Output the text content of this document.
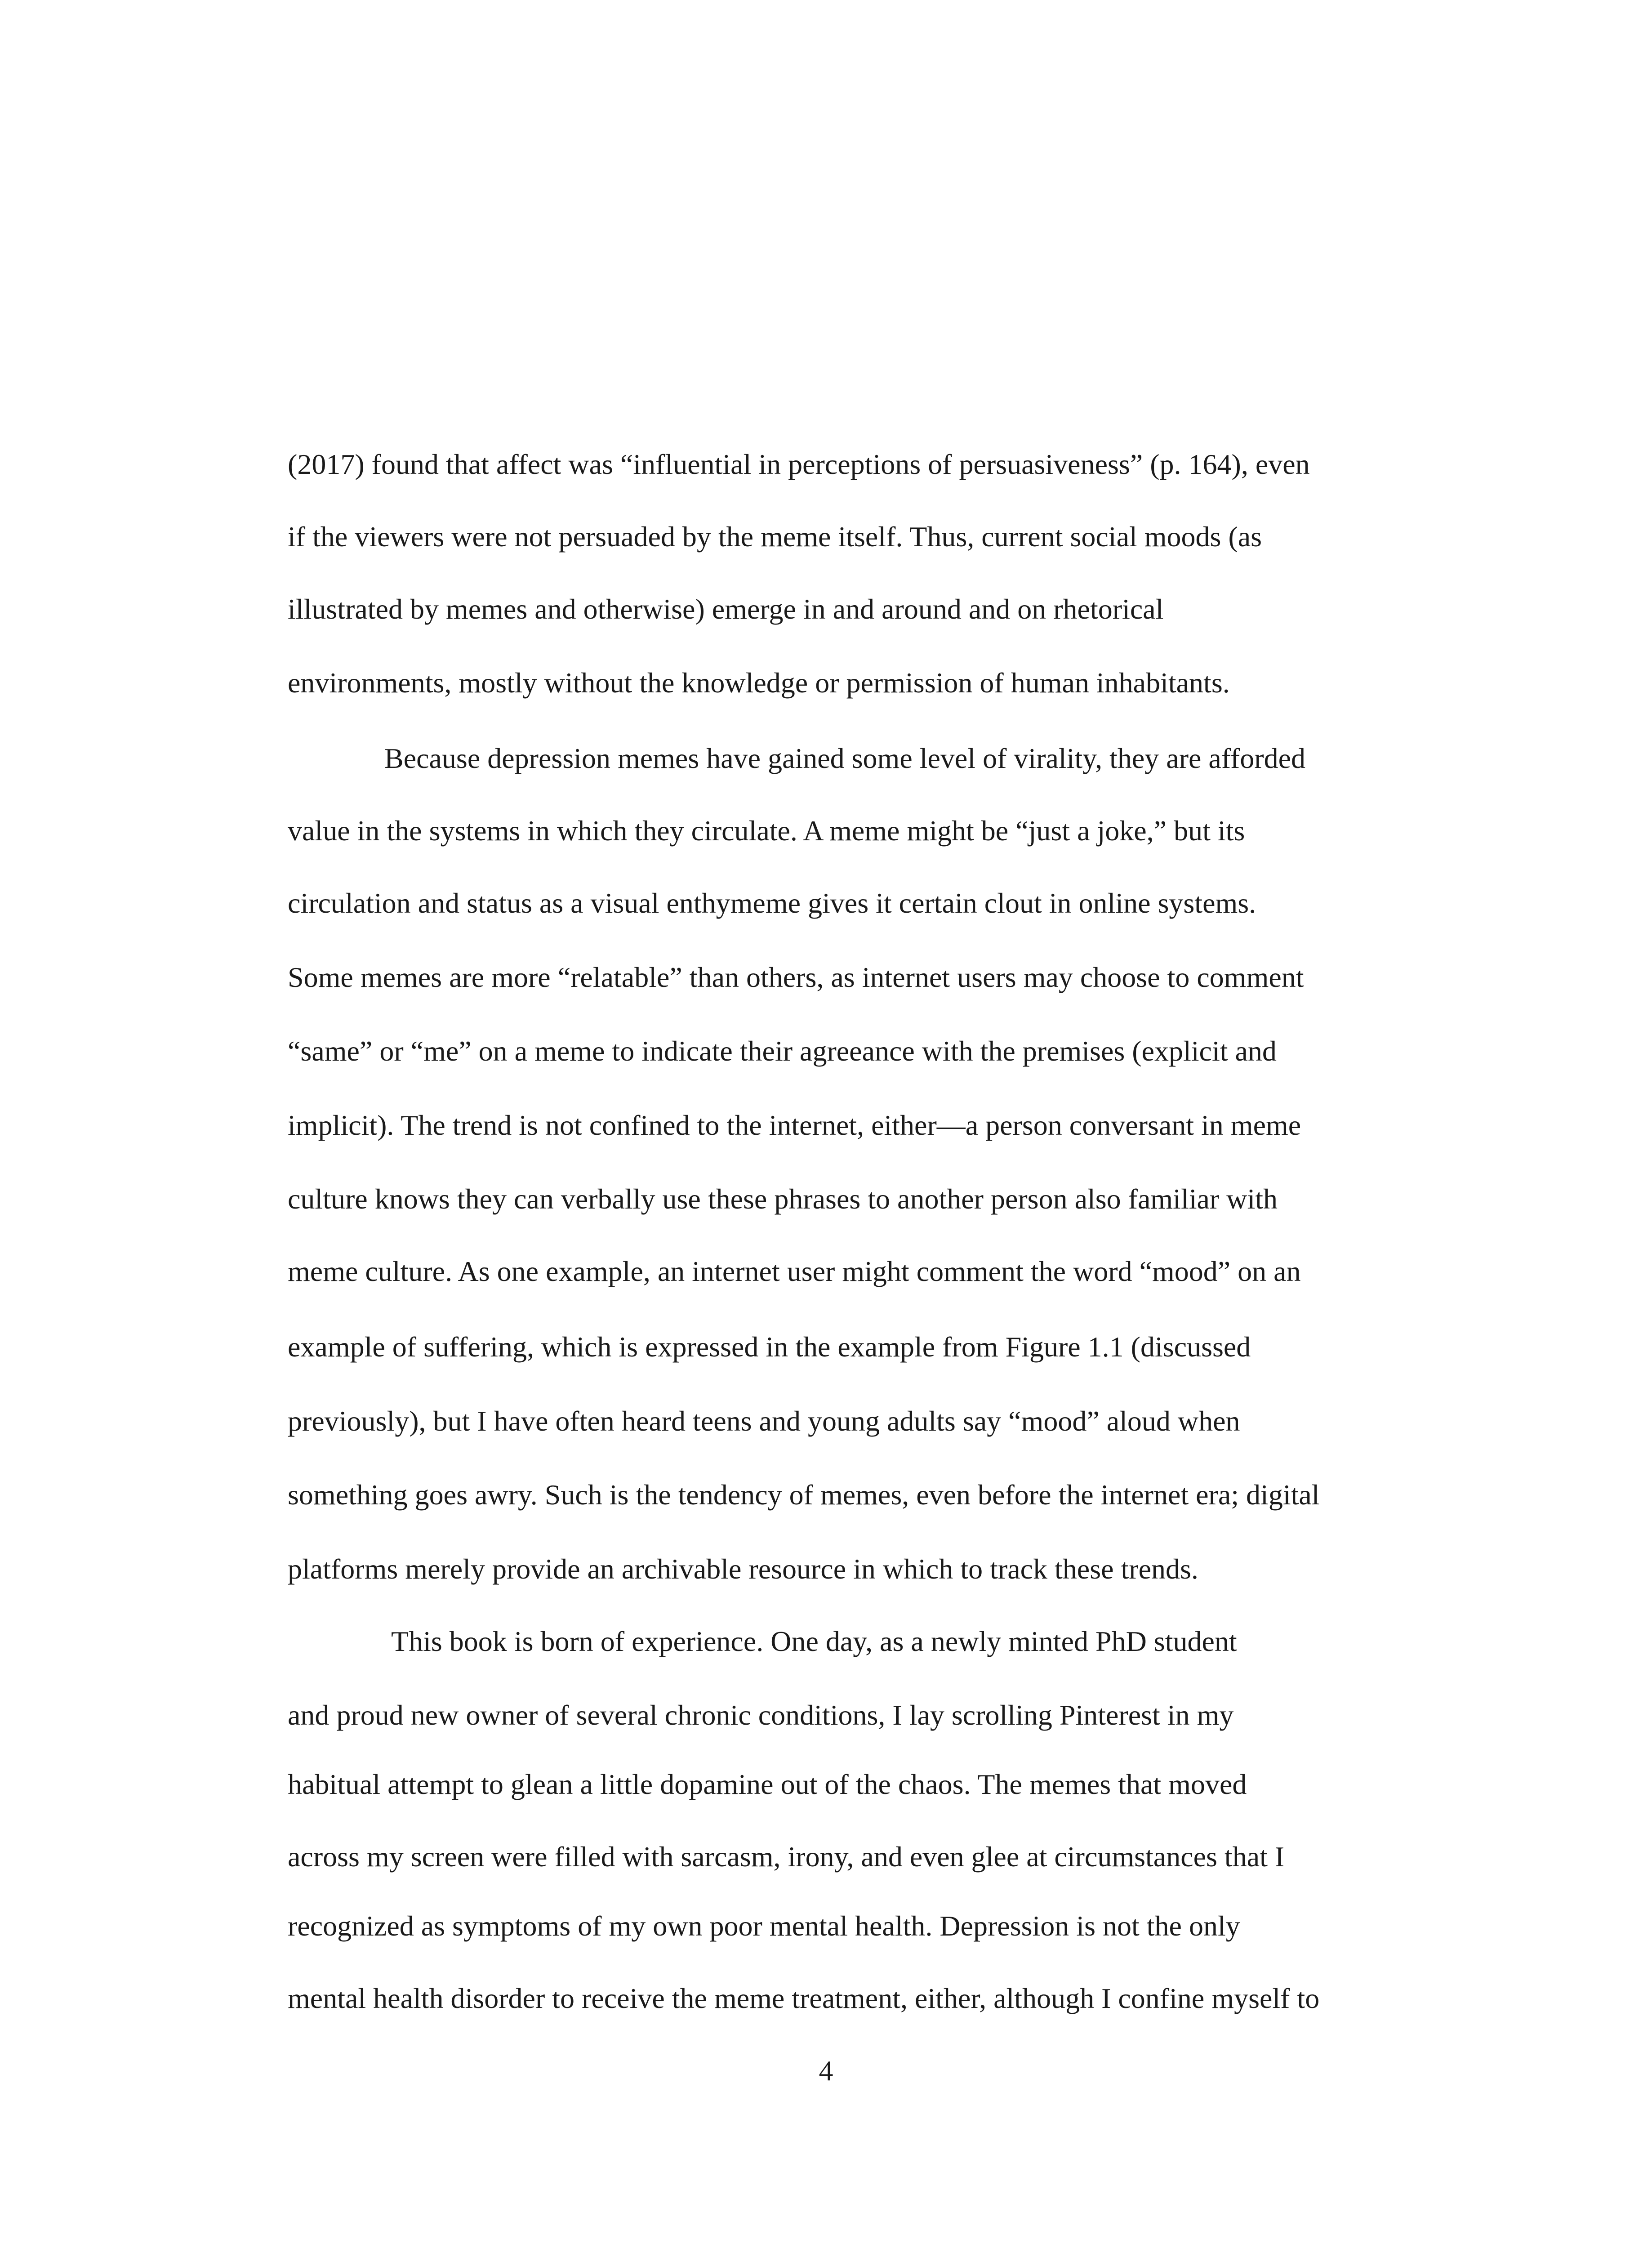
(2017) found that affect was “influential in perceptions of persuasiveness” (p. 164), even

if the viewers were not persuaded by the meme itself. Thus, current social moods (as

illustrated by memes and otherwise) emerge in and around and on rhetorical

environments, mostly without the knowledge or permission of human inhabitants.

Because depression memes have gained some level of virality, they are afforded

value in the systems in which they circulate. A meme might be “just a joke,” but its

circulation and status as a visual enthymeme gives it certain clout in online systems.

Some memes are more “relatable” than others, as internet users may choose to comment

“same” or “me” on a meme to indicate their agreeance with the premises (explicit and

implicit). The trend is not confined to the internet, either—a person conversant in meme

culture knows they can verbally use these phrases to another person also familiar with

meme culture. As one example, an internet user might comment the word “mood” on an

example of suffering, which is expressed in the example from Figure 1.1 (discussed

previously), but I have often heard teens and young adults say “mood” aloud when

something goes awry. Such is the tendency of memes, even before the internet era; digital

platforms merely provide an archivable resource in which to track these trends.

This book is born of experience. One day, as a newly minted PhD student

and proud new owner of several chronic conditions, I lay scrolling Pinterest in my

habitual attempt to glean a little dopamine out of the chaos. The memes that moved

across my screen were filled with sarcasm, irony, and even glee at circumstances that I

recognized as symptoms of my own poor mental health. Depression is not the only

mental health disorder to receive the meme treatment, either, although I confine myself to

4
